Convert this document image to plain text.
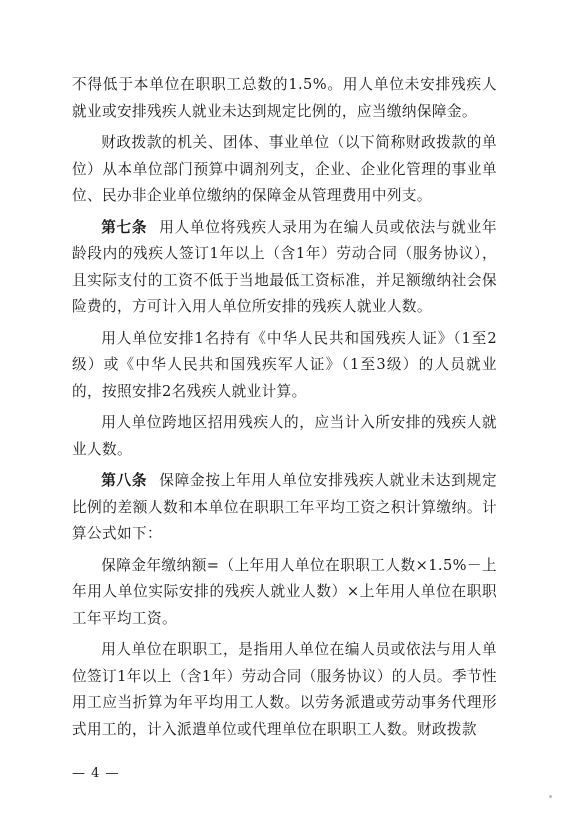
不得低于本单位在职职工总数的1.5%。用人单位未安排残疾人就业或安排残疾人就业未达到规定比例的，应当缴纳保障金。

财政拨款的机关、团体、事业单位（以下简称财政拨款的单位）从本单位部门预算中调剂列支，企业、企业化管理的事业单位、民办非企业单位缴纳的保障金从管理费用中列支。

第七条 用人单位将残疾人录用为在编人员或依法与就业年龄段内的残疾人签订1年以上（含1年）劳动合同（服务协议），且实际支付的工资不低于当地最低工资标准，并足额缴纳社会保险费的，方可计入用人单位所安排的残疾人就业人数。

用人单位安排1名持有《中华人民共和国残疾人证》（1至2级）或《中华人民共和国残疾军人证》（1至3级）的人员就业的，按照安排2名残疾人就业计算。

用人单位跨地区招用残疾人的，应当计入所安排的残疾人就业人数。

第八条 保障金按上年用人单位安排残疾人就业未达到规定比例的差额人数和本单位在职职工年平均工资之积计算缴纳。计算公式如下：

保障金年缴纳额=（上年用人单位在职职工人数×1.5%－上年用人单位实际安排的残疾人就业人数）×上年用人单位在职职工年平均工资。

用人单位在职职工，是指用人单位在编人员或依法与用人单位签订1年以上（含1年）劳动合同（服务协议）的人员。季节性用工应当折算为年平均用工人数。以劳务派遣或劳动事务代理形式用工的，计入派遣单位或代理单位在职职工人数。财政拨款

— 4 —
